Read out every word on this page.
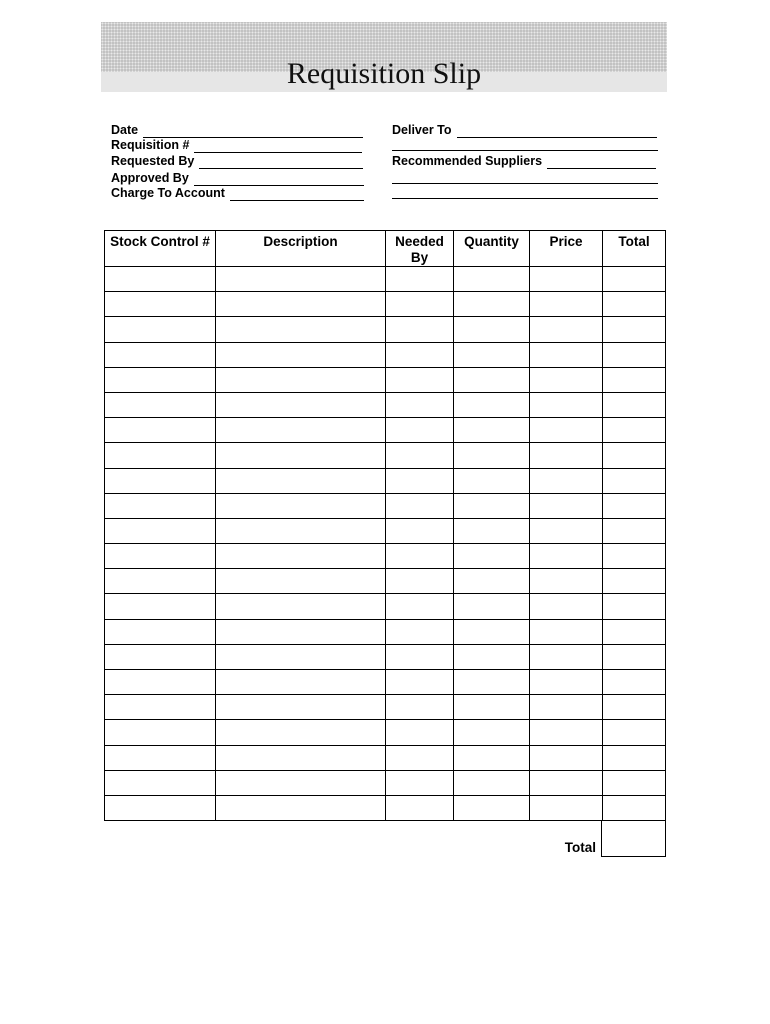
Requisition Slip
Date
Requisition #
Requested By
Approved By
Charge To Account
Deliver To
Recommended Suppliers
Stock Control #	Description	Needed By	Quantity	Price	Total

Total
